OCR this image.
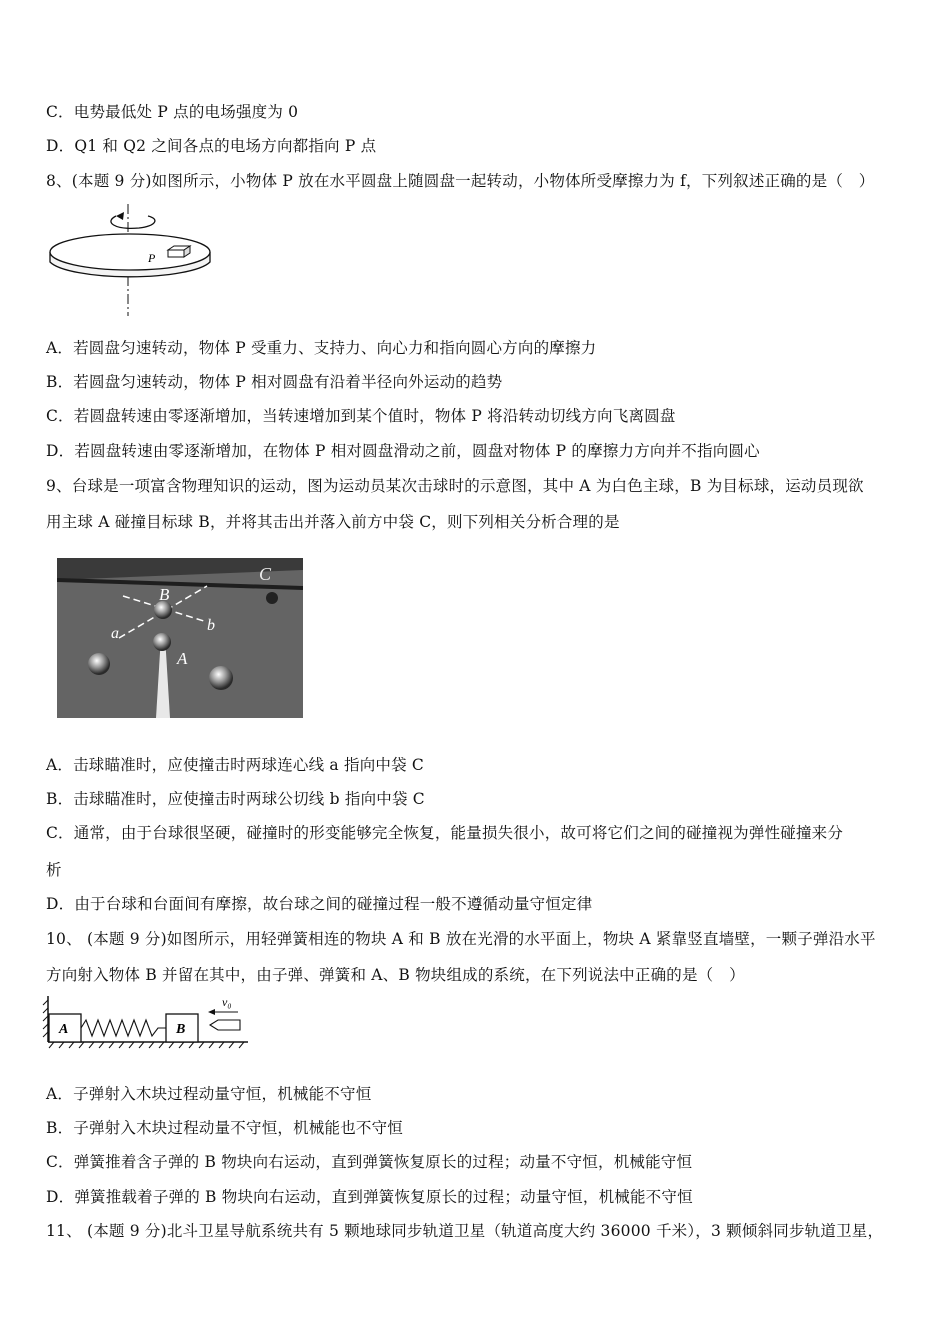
C．电势最低处 P 点的电场强度为 0
D．Q1 和 Q2 之间各点的电场方向都指向 P 点
8、(本题 9 分)如图所示，小物体 P 放在水平圆盘上随圆盘一起转动，小物体所受摩擦力为 f，下列叙述正确的是（　）
P
A．若圆盘匀速转动，物体 P 受重力、支持力、向心力和指向圆心方向的摩擦力
B．若圆盘匀速转动，物体 P 相对圆盘有沿着半径向外运动的趋势
C．若圆盘转速由零逐渐增加，当转速增加到某个值时，物体 P 将沿转动切线方向飞离圆盘
D．若圆盘转速由零逐渐增加，在物体 P 相对圆盘滑动之前，圆盘对物体 P 的摩擦力方向并不指向圆心
9、台球是一项富含物理知识的运动，图为运动员某次击球时的示意图，其中 A 为白色主球，B 为目标球，运动员现欲
用主球 A 碰撞目标球 B，并将其击出并落入前方中袋 C，则下列相关分析合理的是
C
B
a	b
A
A．击球瞄准时，应使撞击时两球连心线 a 指向中袋 C
B．击球瞄准时，应使撞击时两球公切线 b 指向中袋 C
C．通常，由于台球很坚硬，碰撞时的形变能够完全恢复，能量损失很小，故可将它们之间的碰撞视为弹性碰撞来分
析
D．由于台球和台面间有摩擦，故台球之间的碰撞过程一般不遵循动量守恒定律
10、 (本题 9 分)如图所示，用轻弹簧相连的物块 A 和 B 放在光滑的水平面上，物块 A 紧靠竖直墙壁，一颗子弹沿水平
方向射入物体 B 并留在其中，由子弹、弹簧和 A、B 物块组成的系统，在下列说法中正确的是（　）
A	B
v₀
A．子弹射入木块过程动量守恒，机械能不守恒
B．子弹射入木块过程动量不守恒，机械能也不守恒
C．弹簧推着含子弹的 B 物块向右运动，直到弹簧恢复原长的过程；动量不守恒，机械能守恒
D．弹簧推载着子弹的 B 物块向右运动，直到弹簧恢复原长的过程；动量守恒，机械能不守恒
11、 (本题 9 分)北斗卫星导航系统共有 5 颗地球同步轨道卫星（轨道高度大约 36000 千米），3 颗倾斜同步轨道卫星，
